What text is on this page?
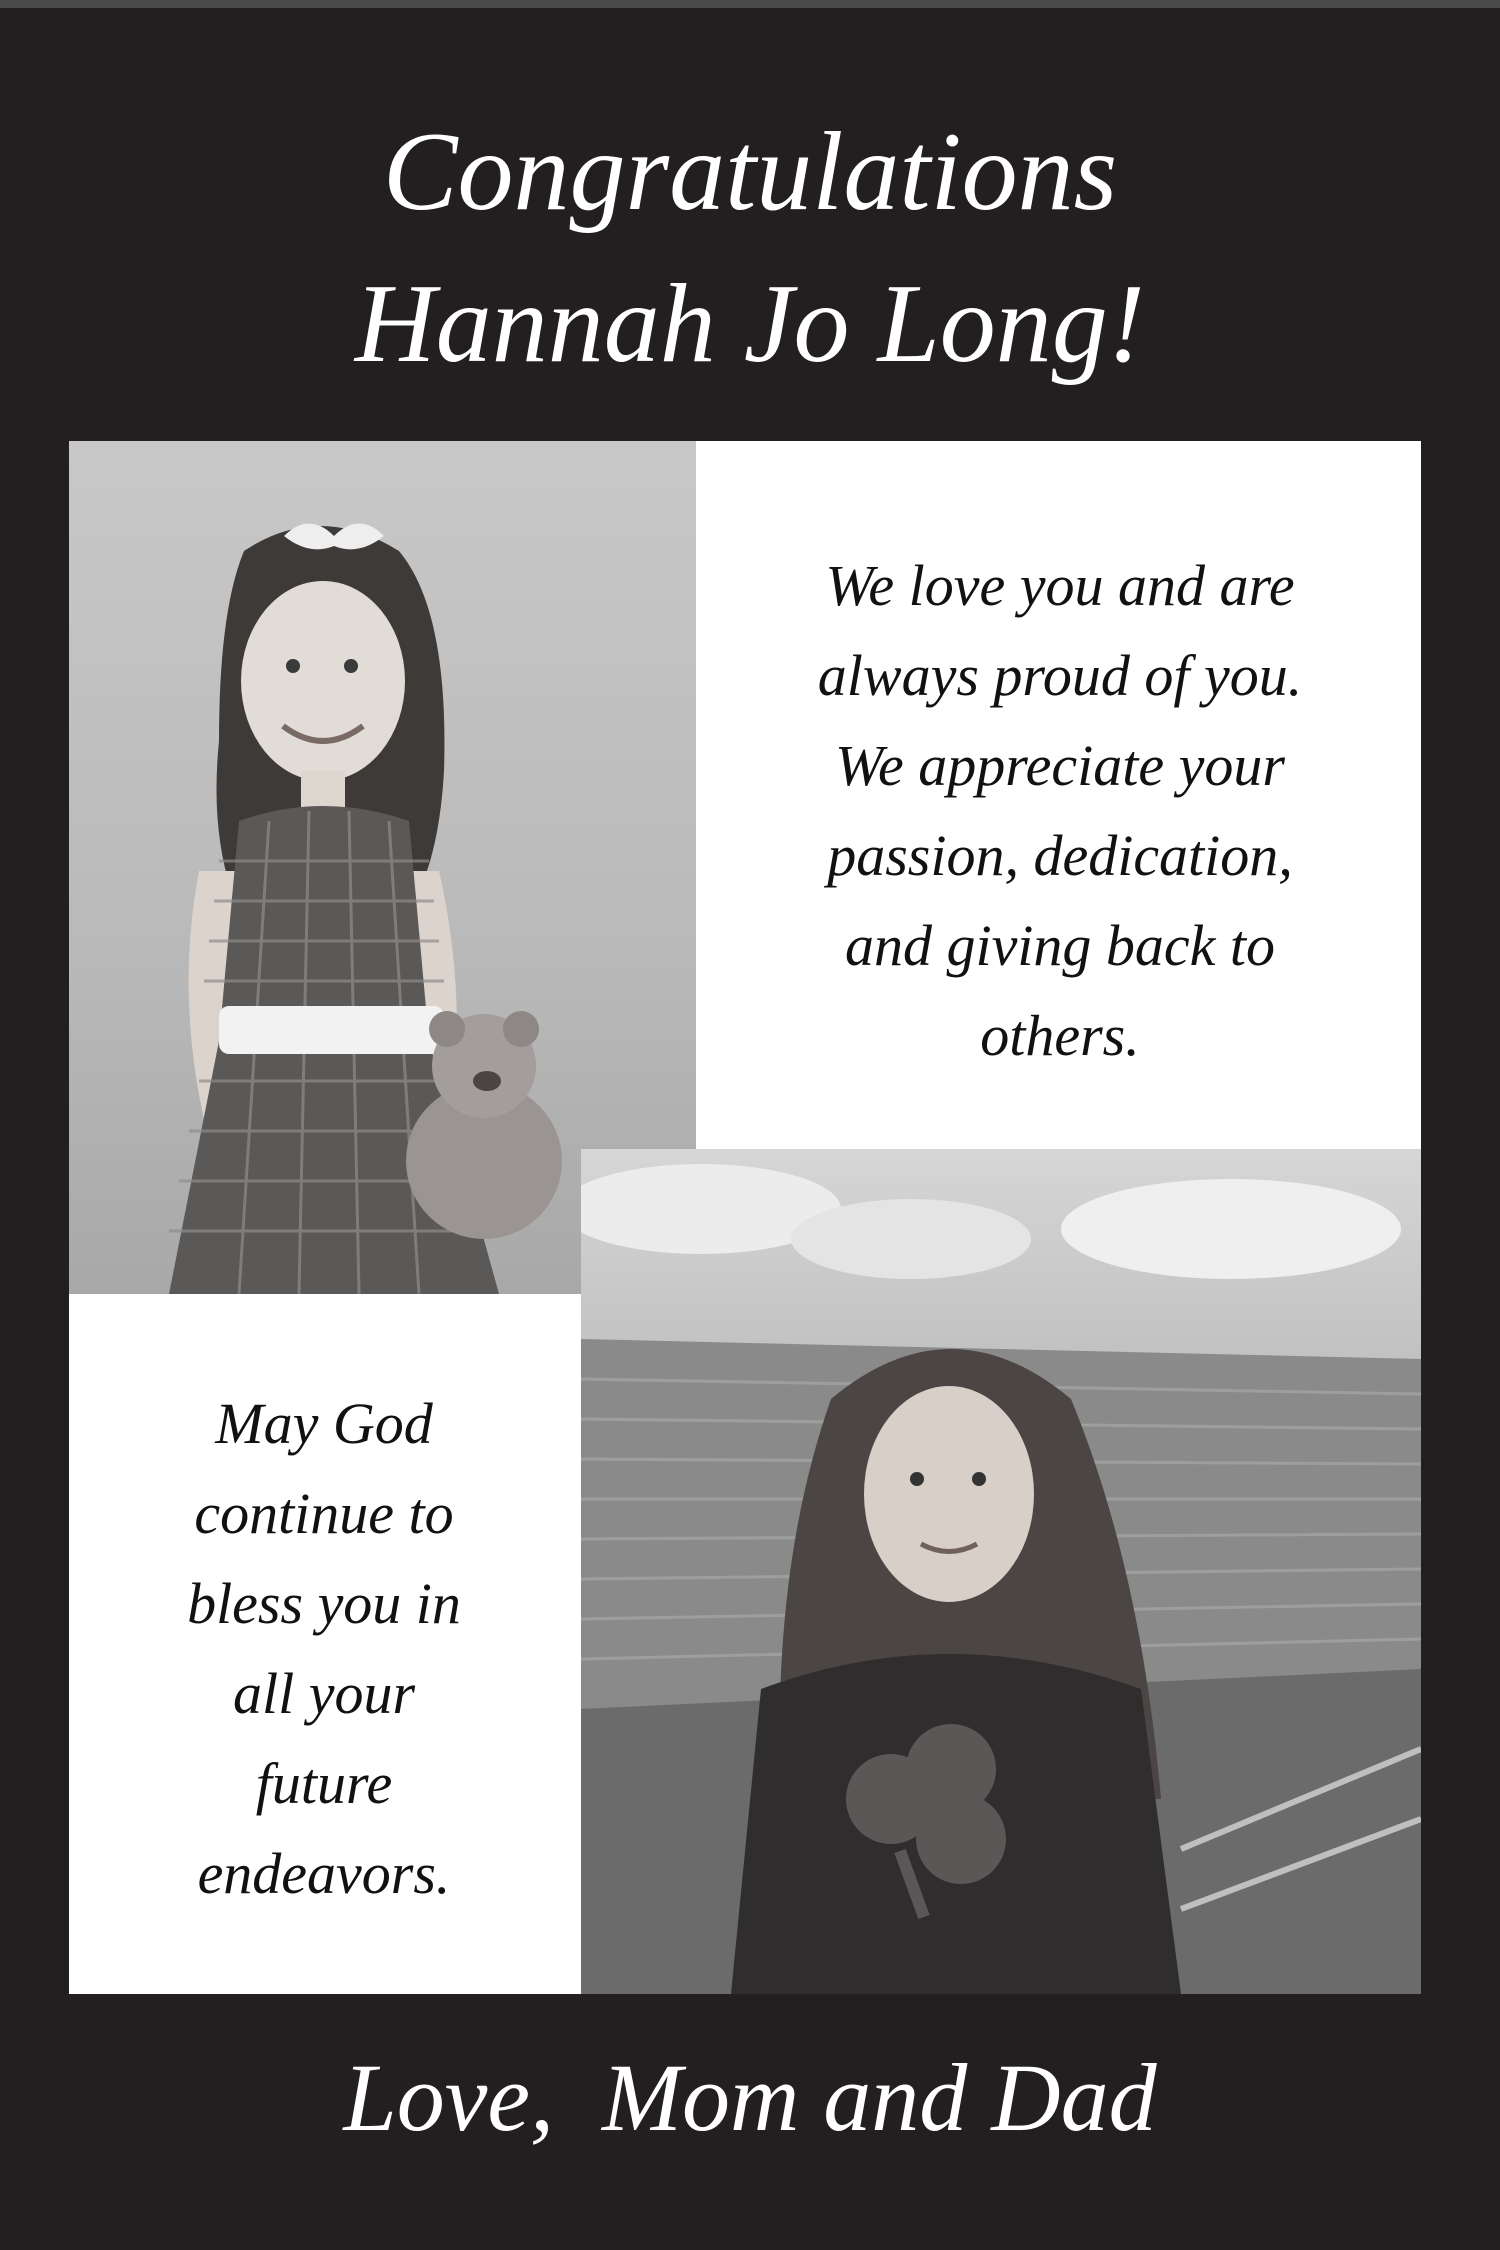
Congratulations
Hannah Jo Long!
We love you and are
always proud of you.
We appreciate your
passion, dedication,
and giving back to
others.
May God
continue to
bless you in
all your
future
endeavors.
Love,  Mom and Dad
